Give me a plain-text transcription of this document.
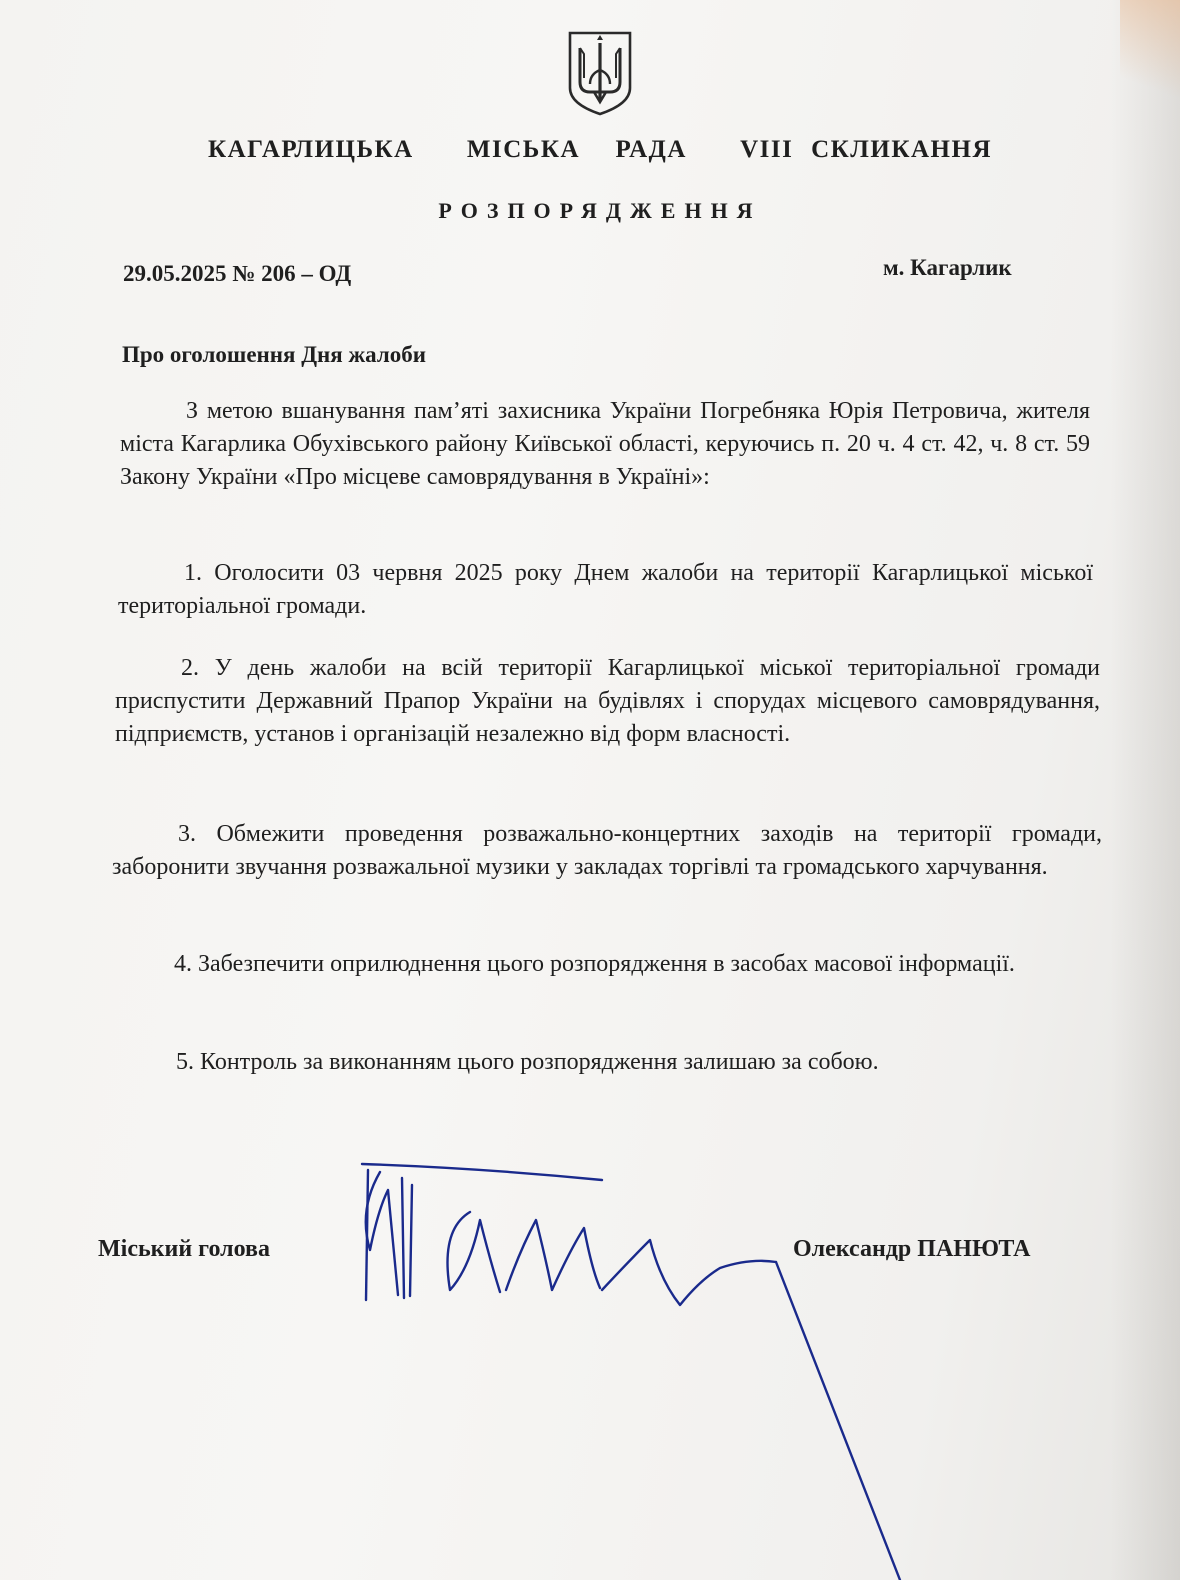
КАГАРЛИЦЬКА   МІСЬКА  РАДА   VIII СКЛИКАННЯ
РОЗПОРЯДЖЕННЯ
29.05.2025 № 206 – ОД	м. Кагарлик
Про оголошення Дня жалоби
З метою вшанування пам’яті захисника України Погребняка Юрія Петровича, жителя міста Кагарлика Обухівського району Київської області, керуючись п. 20 ч. 4 ст. 42, ч. 8 ст. 59 Закону України «Про місцеве самоврядування в Україні»:
1. Оголосити 03 червня 2025 року Днем жалоби на території Кагарлицької міської територіальної громади.
2. У день жалоби на всій території Кагарлицької міської територіальної громади приспустити Державний Прапор України на будівлях і спорудах місцевого самоврядування, підприємств, установ і організацій незалежно від форм власності.
3. Обмежити проведення розважально-концертних заходів на території громади, заборонити звучання розважальної музики у закладах торгівлі та громадського харчування.
4. Забезпечити оприлюднення цього розпорядження в засобах масової інформації.
5. Контроль за виконанням цього розпорядження залишаю за собою.
Міський голова	Олександр ПАНЮТА
